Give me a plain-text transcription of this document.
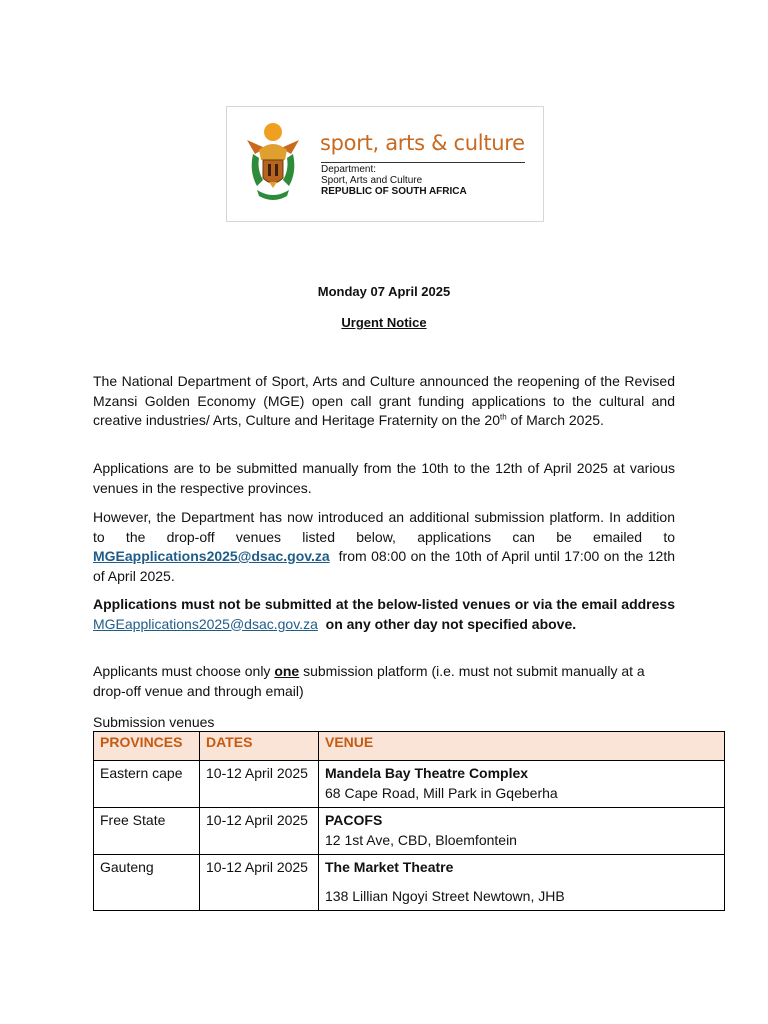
sport, arts & culture
Department:
Sport, Arts and Culture
REPUBLIC OF SOUTH AFRICA
Monday 07 April 2025
Urgent Notice
The National Department of Sport, Arts and Culture announced the reopening of the Revised Mzansi Golden Economy (MGE) open call grant funding applications to the cultural and creative industries/ Arts, Culture and Heritage Fraternity on the 20th of March 2025.
Applications are to be submitted manually from the 10th to the 12th of April 2025 at various venues in the respective provinces.
However, the Department has now introduced an additional submission platform. In addition to the drop-off venues listed below, applications can be emailed to MGEapplications2025@dsac.gov.za from 08:00 on the 10th of April until 17:00 on the 12th of April 2025.
Applications must not be submitted at the below-listed venues or via the email address MGEapplications2025@dsac.gov.za on any other day not specified above.
Applicants must choose only one submission platform (i.e. must not submit manually at a drop-off venue and through email)
Submission venues
PROVINCES	DATES	VENUE
Eastern cape	10-12 April 2025	Mandela Bay Theatre Complex
68 Cape Road, Mill Park in Gqeberha

Free State	10-12 April 2025	PACOFS
12 1st Ave, CBD, Bloemfontein

Gauteng	10-12 April 2025	The Market Theatre
138 Lillian Ngoyi Street Newtown, JHB
